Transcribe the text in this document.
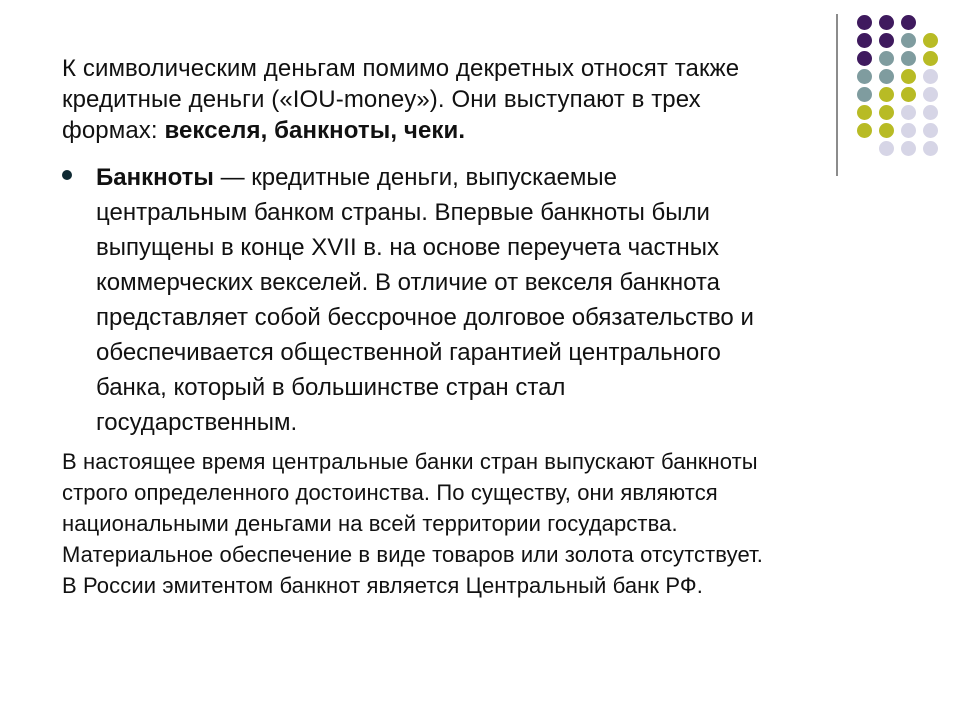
К символическим деньгам помимо декретных относят также
кредитные деньги («IOU-money»). Они выступают в трех
формах: векселя, банкноты, чеки.

Банкноты — кредитные деньги, выпускаемые
центральным банком страны. Впервые банкноты были
выпущены в конце XVII в. на основе переучета частных
коммерческих векселей. В отличие от векселя банкнота
представляет собой бессрочное долговое обязательство и
обеспечивается общественной гарантией центрального
банка, который в большинстве стран стал
государственным.

В настоящее время центральные банки стран выпускают банкноты
строго определенного достоинства. По существу, они являются
национальными деньгами на всей территории государства.
Материальное обеспечение в виде товаров или золота отсутствует.
В России эмитентом банкнот является Центральный банк РФ.
